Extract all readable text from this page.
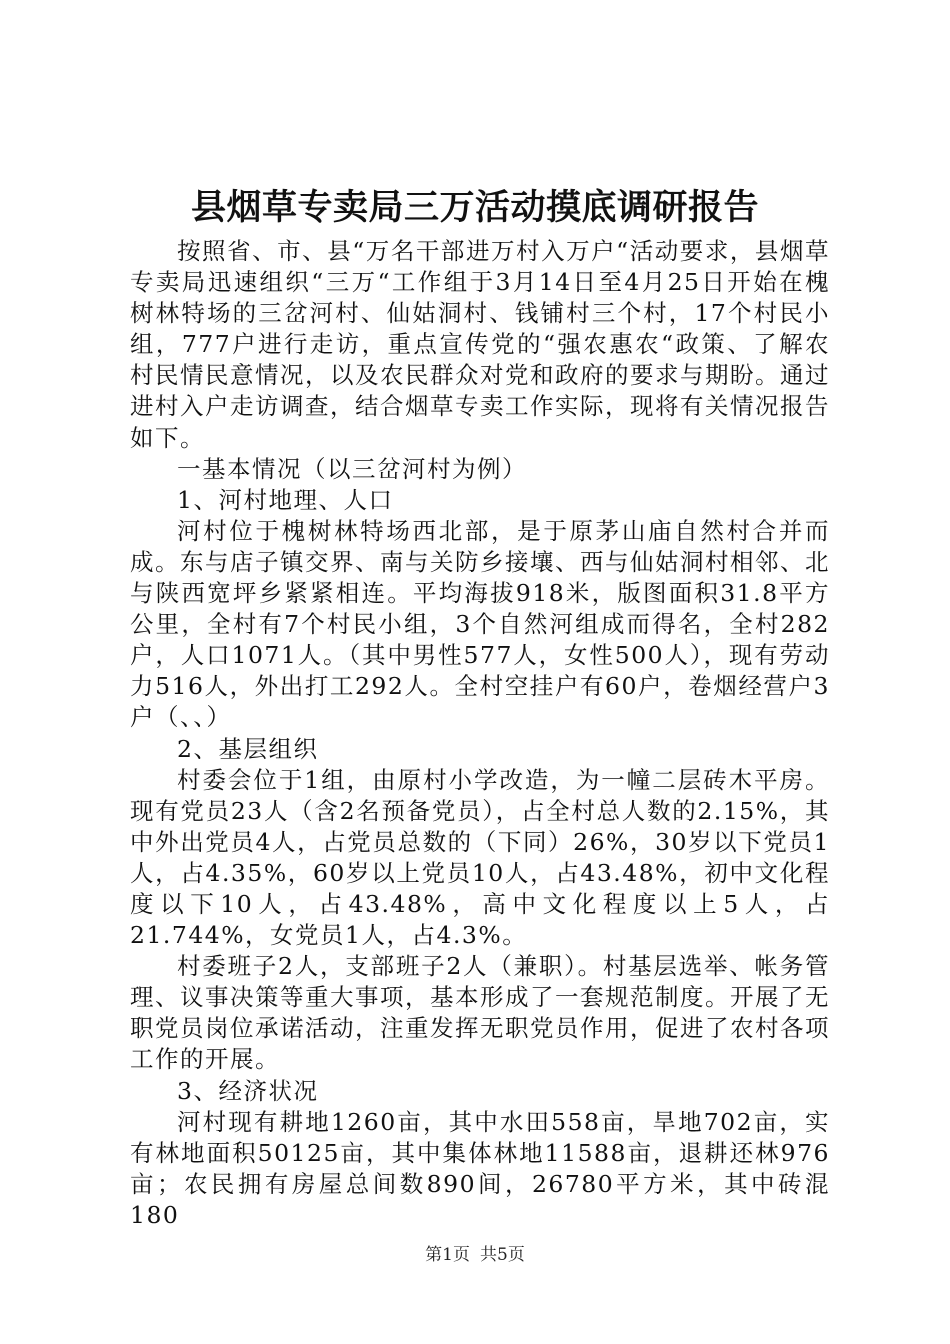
县烟草专卖局三万活动摸底调研报告

按照省、市、县“万名干部进万村入万户“活动要求，县烟草专卖局迅速组织“三万“工作组于3月14日至4月25日开始在槐树林特场的三岔河村、仙姑洞村、钱铺村三个村，17个村民小组，777户进行走访，重点宣传党的“强农惠农“政策、了解农村民情民意情况，以及农民群众对党和政府的要求与期盼。通过进村入户走访调查，结合烟草专卖工作实际，现将有关情况报告如下。

一基本情况（以三岔河村为例）

1、河村地理、人口

河村位于槐树林特场西北部，是于原茅山庙自然村合并而成。东与店子镇交界、南与关防乡接壤、西与仙姑洞村相邻、北与陕西宽坪乡紧紧相连。平均海拔918米，版图面积31.8平方公里，全村有7个村民小组，3个自然河组成而得名，全村282户，人口1071人。（其中男性577人，女性500人），现有劳动力516人，外出打工292人。全村空挂户有60户，卷烟经营户3户（、、）

2、基层组织

村委会位于1组，由原村小学改造，为一幢二层砖木平房。现有党员23人（含2名预备党员），占全村总人数的2.15%，其中外出党员4人，占党员总数的（下同）26%，30岁以下党员1人，占4.35%，60岁以上党员10人，占43.48%，初中文化程度以下10人，占43.48%，高中文化程度以上5人，占21.744%，女党员1人，占4.3%。

村委班子2人，支部班子2人（兼职）。村基层选举、帐务管理、议事决策等重大事项，基本形成了一套规范制度。开展了无职党员岗位承诺活动，注重发挥无职党员作用，促进了农村各项工作的开展。

3、经济状况

河村现有耕地1260亩，其中水田558亩，旱地702亩，实有林地面积50125亩，其中集体林地11588亩，退耕还林976亩；农民拥有房屋总间数890间，26780平方米，其中砖混180

第1页 共5页
